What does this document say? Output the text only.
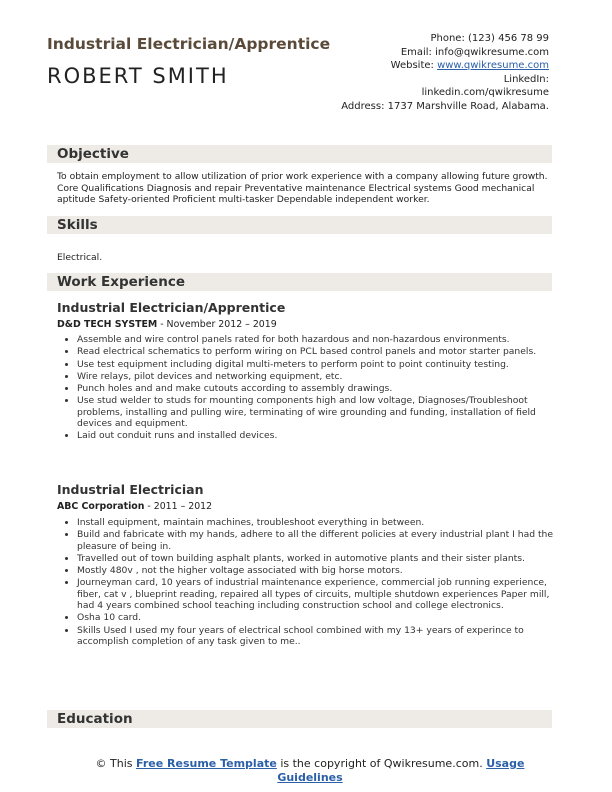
Industrial Electrician/Apprentice
ROBERT SMITH
Phone: (123) 456 78 99
Email: info@qwikresume.com
Website: www.qwikresume.com
LinkedIn:
linkedin.com/qwikresume
Address: 1737 Marshville Road, Alabama.
Objective

To obtain employment to allow utilization of prior work experience with a company allowing future growth. Core Qualifications Diagnosis and repair Preventative maintenance Electrical systems Good mechanical aptitude Safety-oriented Proficient multi-tasker Dependable independent worker.

Skills

Electrical.

Work Experience
Industrial Electrician/Apprentice
D&D TECH SYSTEM - November 2012 – 2019
• Assemble and wire control panels rated for both hazardous and non-hazardous environments.
• Read electrical schematics to perform wiring on PCL based control panels and motor starter panels.
• Use test equipment including digital multi-meters to perform point to point continuity testing.
• Wire relays, pilot devices and networking equipment, etc.
• Punch holes and and make cutouts according to assembly drawings.
• Use stud welder to studs for mounting components high and low voltage, Diagnoses/Troubleshoot problems, installing and pulling wire, terminating of wire grounding and funding, installation of field devices and equipment.
• Laid out conduit runs and installed devices.
Industrial Electrician
ABC Corporation - 2011 – 2012
• Install equipment, maintain machines, troubleshoot everything in between.
• Build and fabricate with my hands, adhere to all the different policies at every industrial plant I had the pleasure of being in.
• Travelled out of town building asphalt plants, worked in automotive plants and their sister plants.
• Mostly 480v , not the higher voltage associated with big horse motors.
• Journeyman card, 10 years of industrial maintenance experience, commercial job running experience, fiber, cat v , blueprint reading, repaired all types of circuits, multiple shutdown experiences Paper mill, had 4 years combined school teaching including construction school and college electronics.
• Osha 10 card.
• Skills Used I used my four years of electrical school combined with my 13+ years of experince to accomplish completion of any task given to me..
Education
© This Free Resume Template is the copyright of Qwikresume.com. Usage Guidelines
